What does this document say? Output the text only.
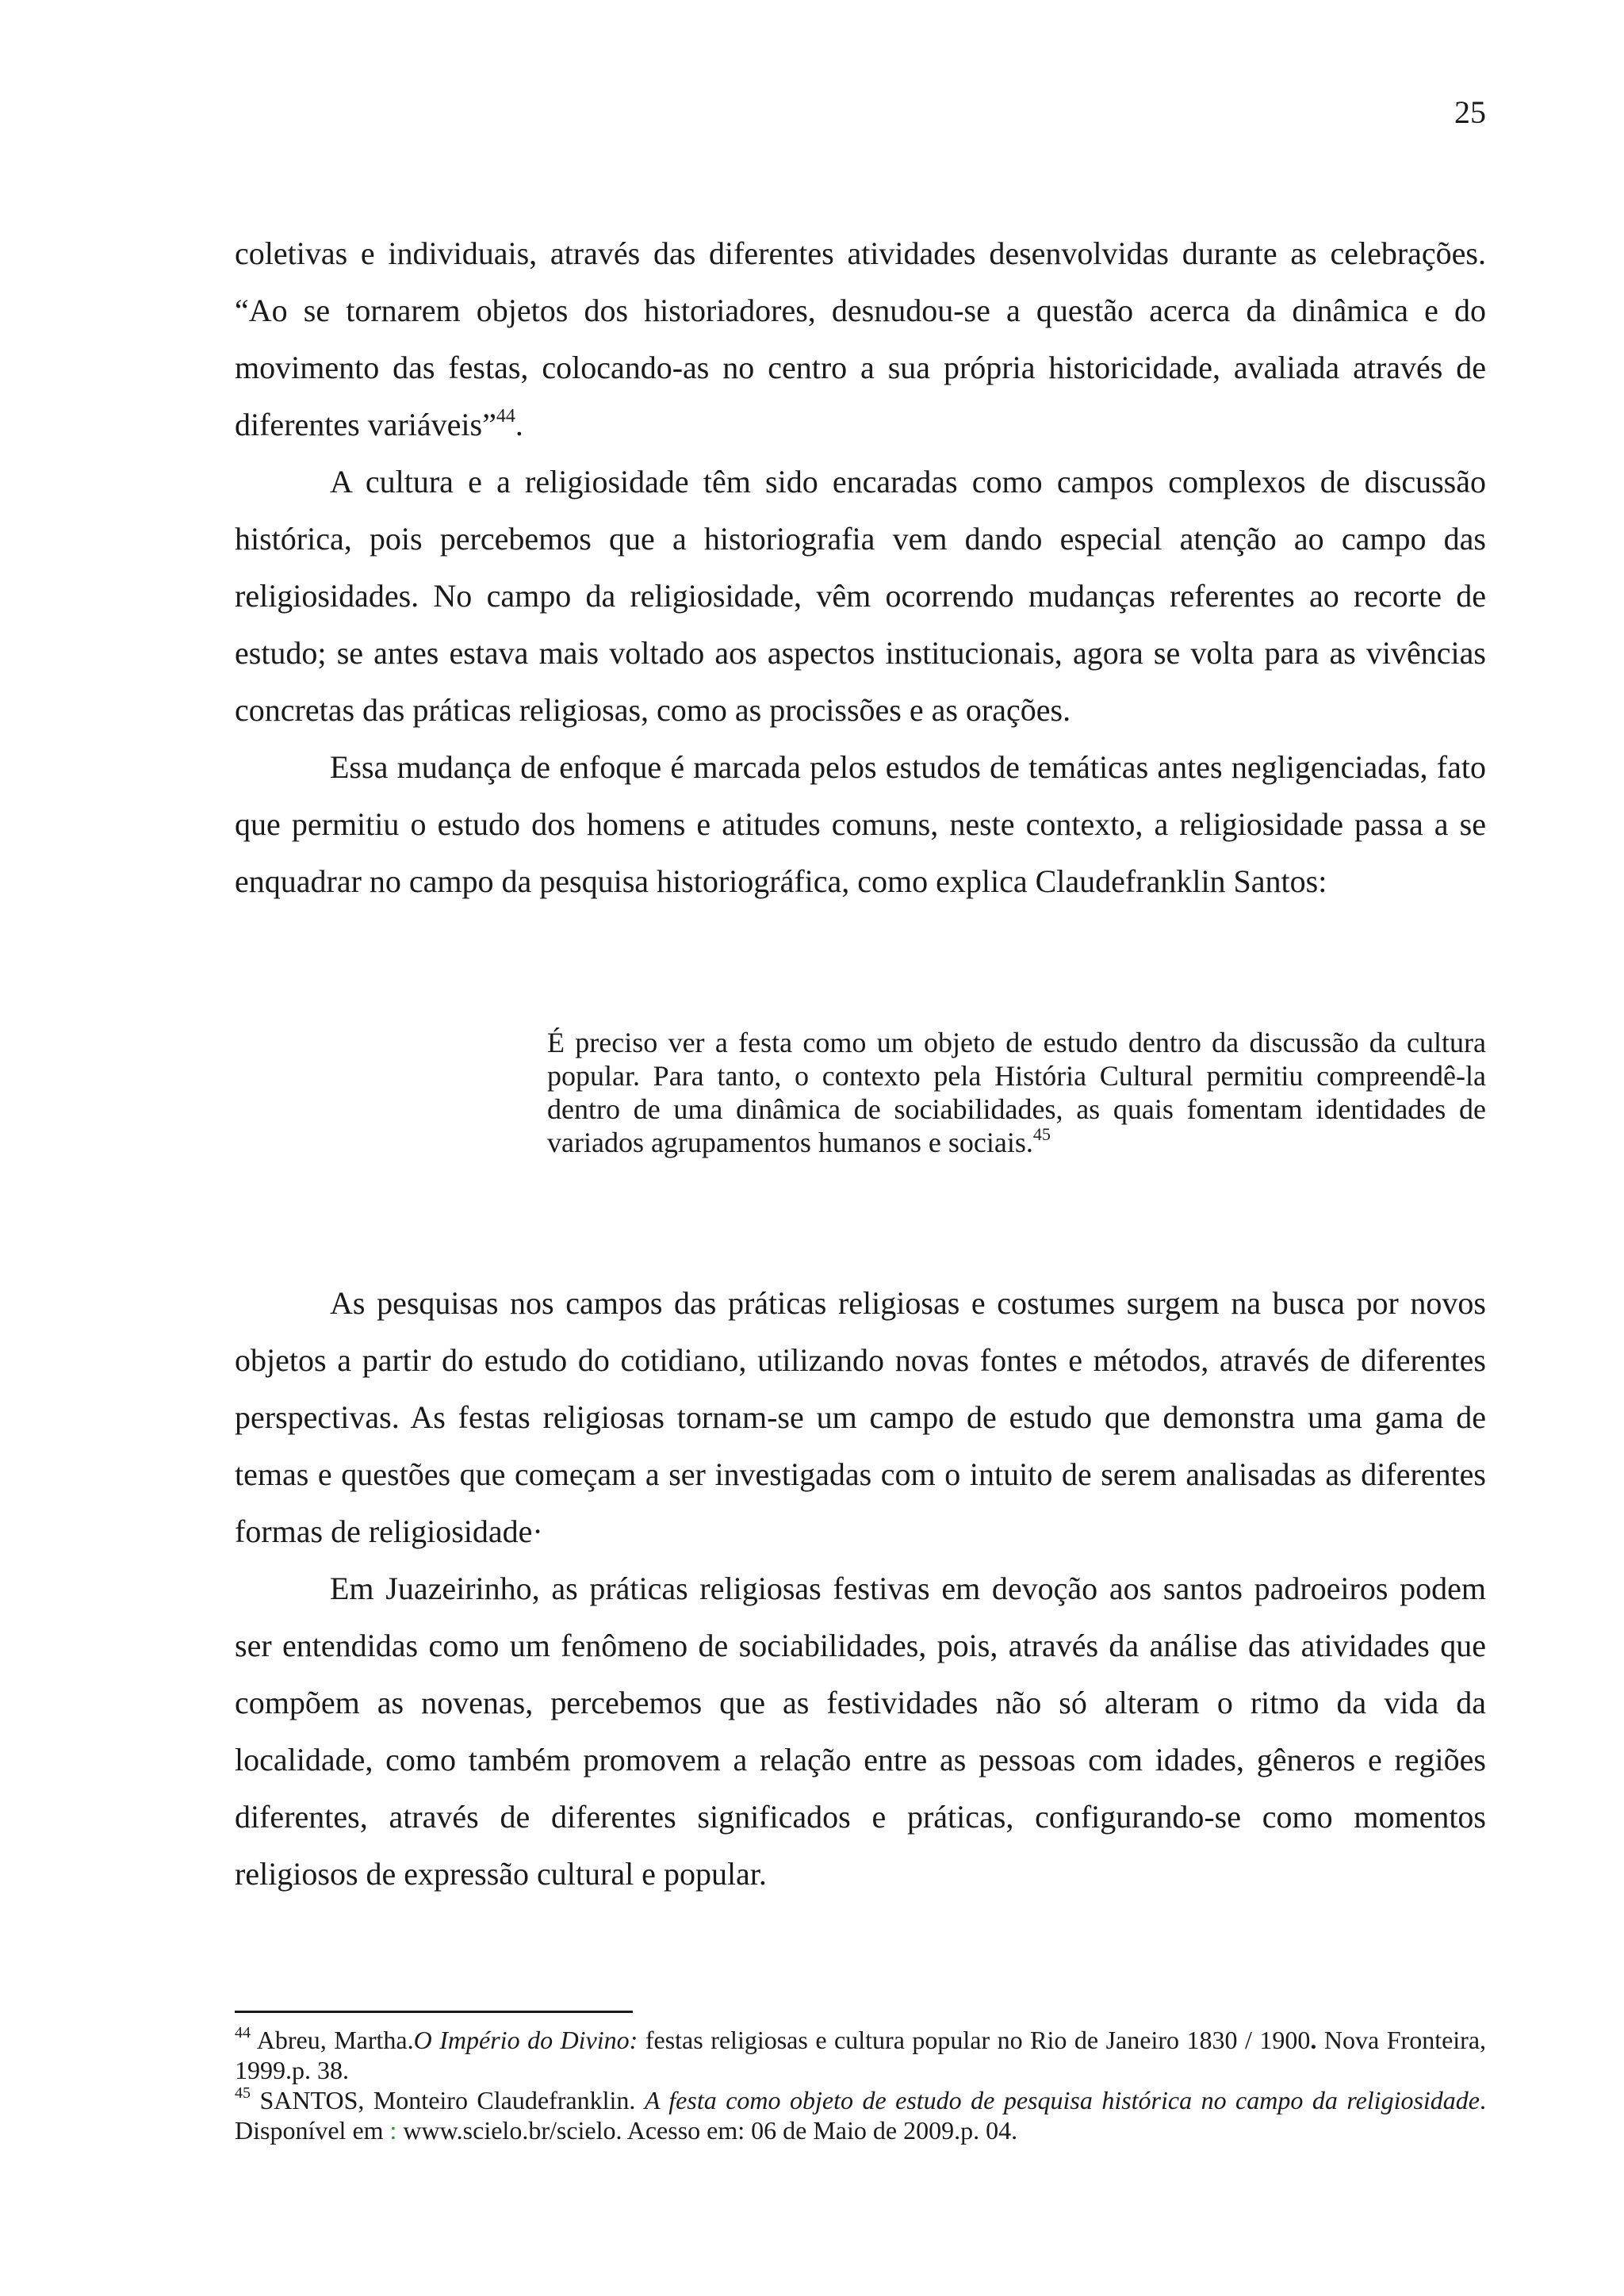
25

coletivas e individuais, através das diferentes atividades desenvolvidas durante as celebrações. “Ao se tornarem objetos dos historiadores, desnudou-se a questão acerca da dinâmica e do movimento das festas, colocando-as no centro a sua própria historicidade, avaliada através de diferentes variáveis”$^{44}$.

A cultura e a religiosidade têm sido encaradas como campos complexos de discussão histórica, pois percebemos que a historiografia vem dando especial atenção ao campo das religiosidades. No campo da religiosidade, vêm ocorrendo mudanças referentes ao recorte de estudo; se antes estava mais voltado aos aspectos institucionais, agora se volta para as vivências concretas das práticas religiosas, como as procissões e as orações.

Essa mudança de enfoque é marcada pelos estudos de temáticas antes negligenciadas, fato que permitiu o estudo dos homens e atitudes comuns, neste contexto, a religiosidade passa a se enquadrar no campo da pesquisa historiográfica, como explica Claudefranklin Santos:

É preciso ver a festa como um objeto de estudo dentro da discussão da cultura popular. Para tanto, o contexto pela História Cultural permitiu compreendê-la dentro de uma dinâmica de sociabilidades, as quais fomentam identidades de variados agrupamentos humanos e sociais.$^{45}$

As pesquisas nos campos das práticas religiosas e costumes surgem na busca por novos objetos a partir do estudo do cotidiano, utilizando novas fontes e métodos, através de diferentes perspectivas. As festas religiosas tornam-se um campo de estudo que demonstra uma gama de temas e questões que começam a ser investigadas com o intuito de serem analisadas as diferentes formas de religiosidade·

Em Juazeirinho, as práticas religiosas festivas em devoção aos santos padroeiros podem ser entendidas como um fenômeno de sociabilidades, pois, através da análise das atividades que compõem as novenas, percebemos que as festividades não só alteram o ritmo da vida da localidade, como também promovem a relação entre as pessoas com idades, gêneros e regiões diferentes, através de diferentes significados e práticas, configurando-se como momentos religiosos de expressão cultural e popular.

$^{44}$ Abreu, Martha.O Império do Divino: festas religiosas e cultura popular no Rio de Janeiro 1830 / 1900. Nova Fronteira, 1999.p. 38.

$^{45}$ SANTOS, Monteiro Claudefranklin. A festa como objeto de estudo de pesquisa histórica no campo da religiosidade. Disponível em : www.scielo.br/scielo. Acesso em: 06 de Maio de 2009.p. 04.
